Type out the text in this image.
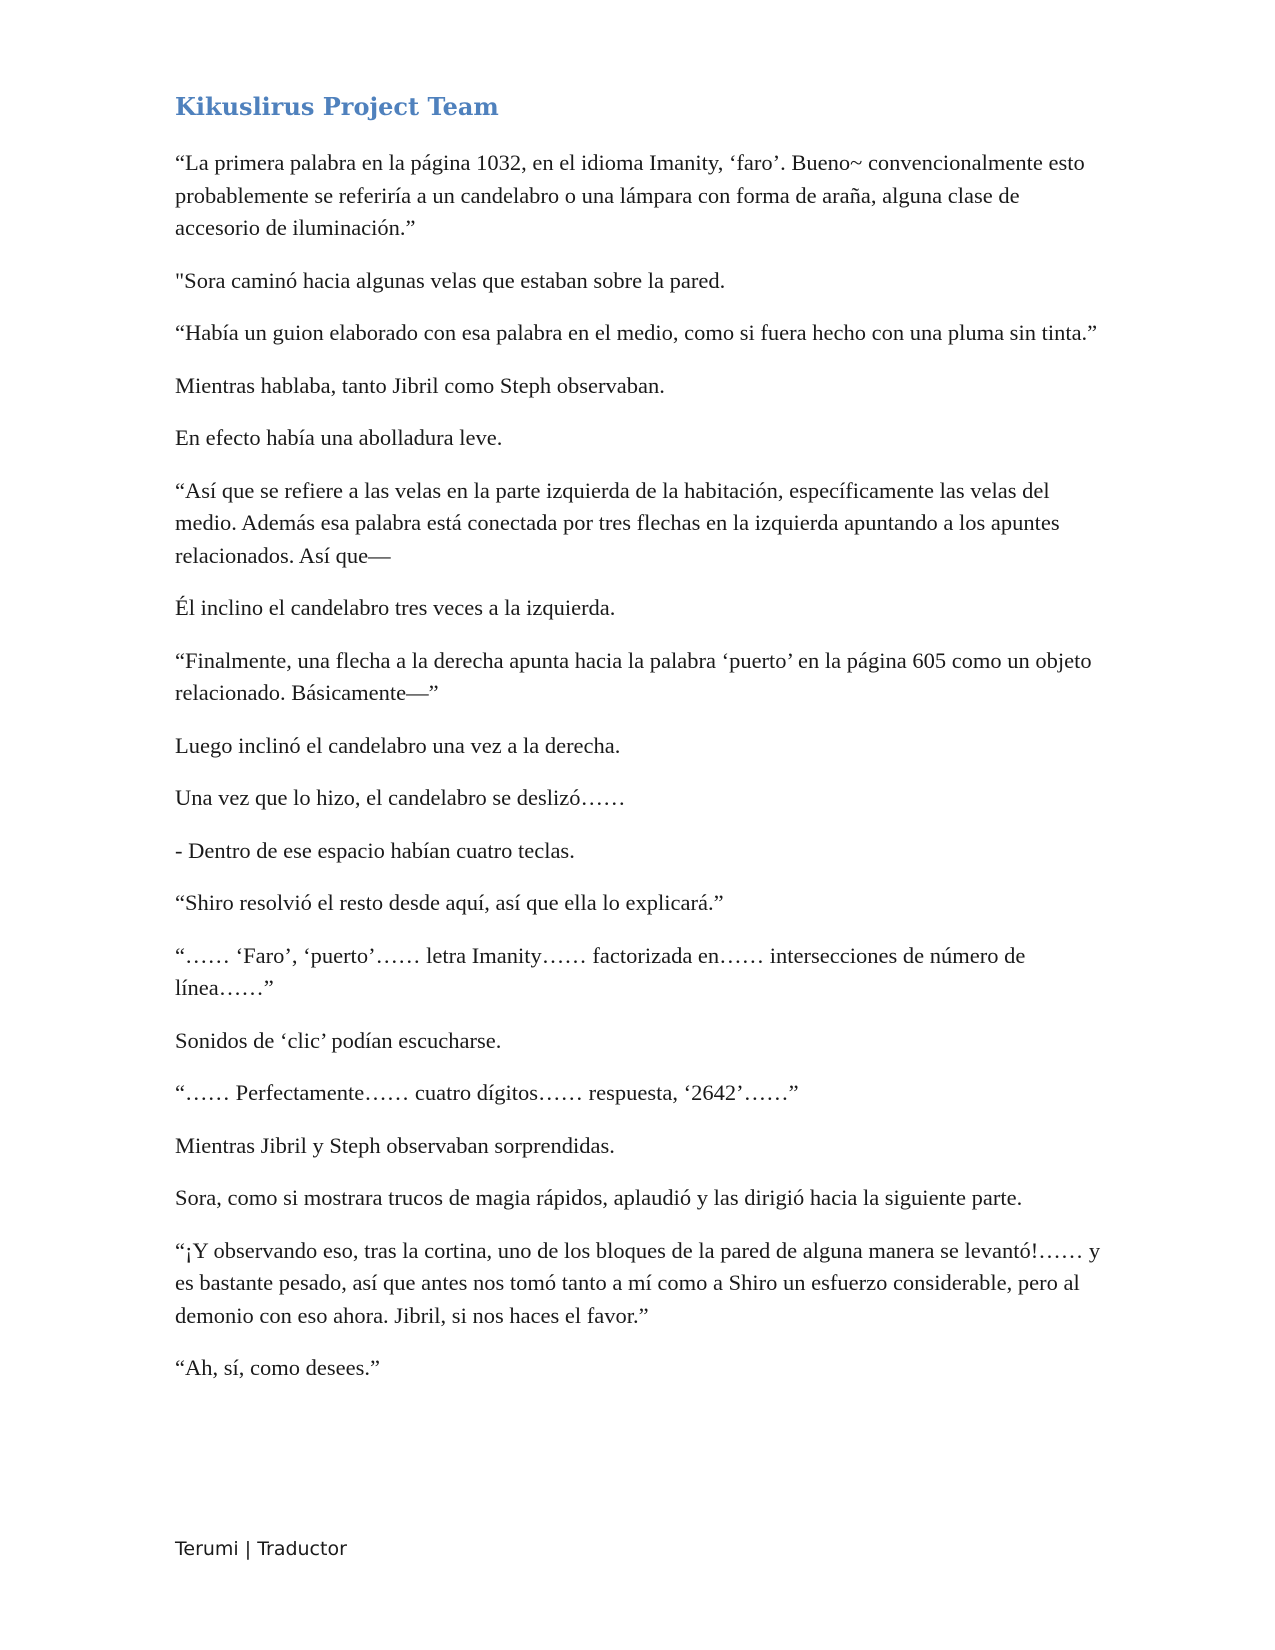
Kikuslirus Project Team

“La primera palabra en la página 1032, en el idioma Imanity, ‘faro’. Bueno~ convencionalmente esto probablemente se referiría a un candelabro o una lámpara con forma de araña, alguna clase de accesorio de iluminación.”

"Sora caminó hacia algunas velas que estaban sobre la pared.

“Había un guion elaborado con esa palabra en el medio, como si fuera hecho con una pluma sin tinta.”

Mientras hablaba, tanto Jibril como Steph observaban.

En efecto había una abolladura leve.

“Así que se refiere a las velas en la parte izquierda de la habitación, específicamente las velas del medio. Además esa palabra está conectada por tres flechas en la izquierda apuntando a los apuntes relacionados. Así que—

Él inclino el candelabro tres veces a la izquierda.

“Finalmente, una flecha a la derecha apunta hacia la palabra ‘puerto’ en la página 605 como un objeto relacionado. Básicamente—”

Luego inclinó el candelabro una vez a la derecha.

Una vez que lo hizo, el candelabro se deslizó……

- Dentro de ese espacio habían cuatro teclas.

“Shiro resolvió el resto desde aquí, así que ella lo explicará.”

“…… ‘Faro’, ‘puerto’…… letra Imanity…… factorizada en…… intersecciones de número de línea……”

Sonidos de ‘clic’ podían escucharse.

“…… Perfectamente…… cuatro dígitos…… respuesta, ‘2642’……”

Mientras Jibril y Steph observaban sorprendidas.

Sora, como si mostrara trucos de magia rápidos, aplaudió y las dirigió hacia la siguiente parte.

“¡Y observando eso, tras la cortina, uno de los bloques de la pared de alguna manera se levantó!…… y es bastante pesado, así que antes nos tomó tanto a mí como a Shiro un esfuerzo considerable, pero al demonio con eso ahora. Jibril, si nos haces el favor.”

“Ah, sí, como desees.”

Terumi | Traductor
